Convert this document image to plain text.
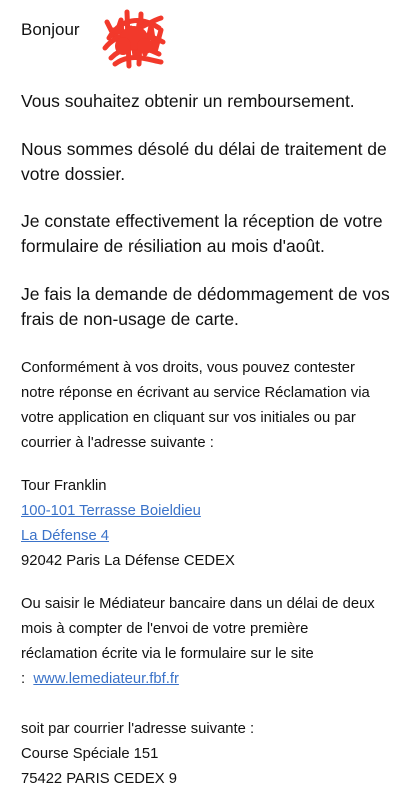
Bonjour

Vous souhaitez obtenir un remboursement.

Nous sommes désolé du délai de traitement de
votre dossier.

Je constate effectivement la réception de votre
formulaire de résiliation au mois d'août.

Je fais la demande de dédommagement de vos
frais de non-usage de carte.

Conformément à vos droits, vous pouvez contester
notre réponse en écrivant au service Réclamation via
votre application en cliquant sur vos initiales ou par
courrier à l'adresse suivante :

Tour Franklin
100-101 Terrasse Boieldieu
La Défense 4
92042 Paris La Défense CEDEX

Ou saisir le Médiateur bancaire dans un délai de deux
mois à compter de l'envoi de votre première
réclamation écrite via le formulaire sur le site
:  www.lemediateur.fbf.fr

soit par courrier l'adresse suivante :
Course Spéciale 151
75422 PARIS CEDEX 9
